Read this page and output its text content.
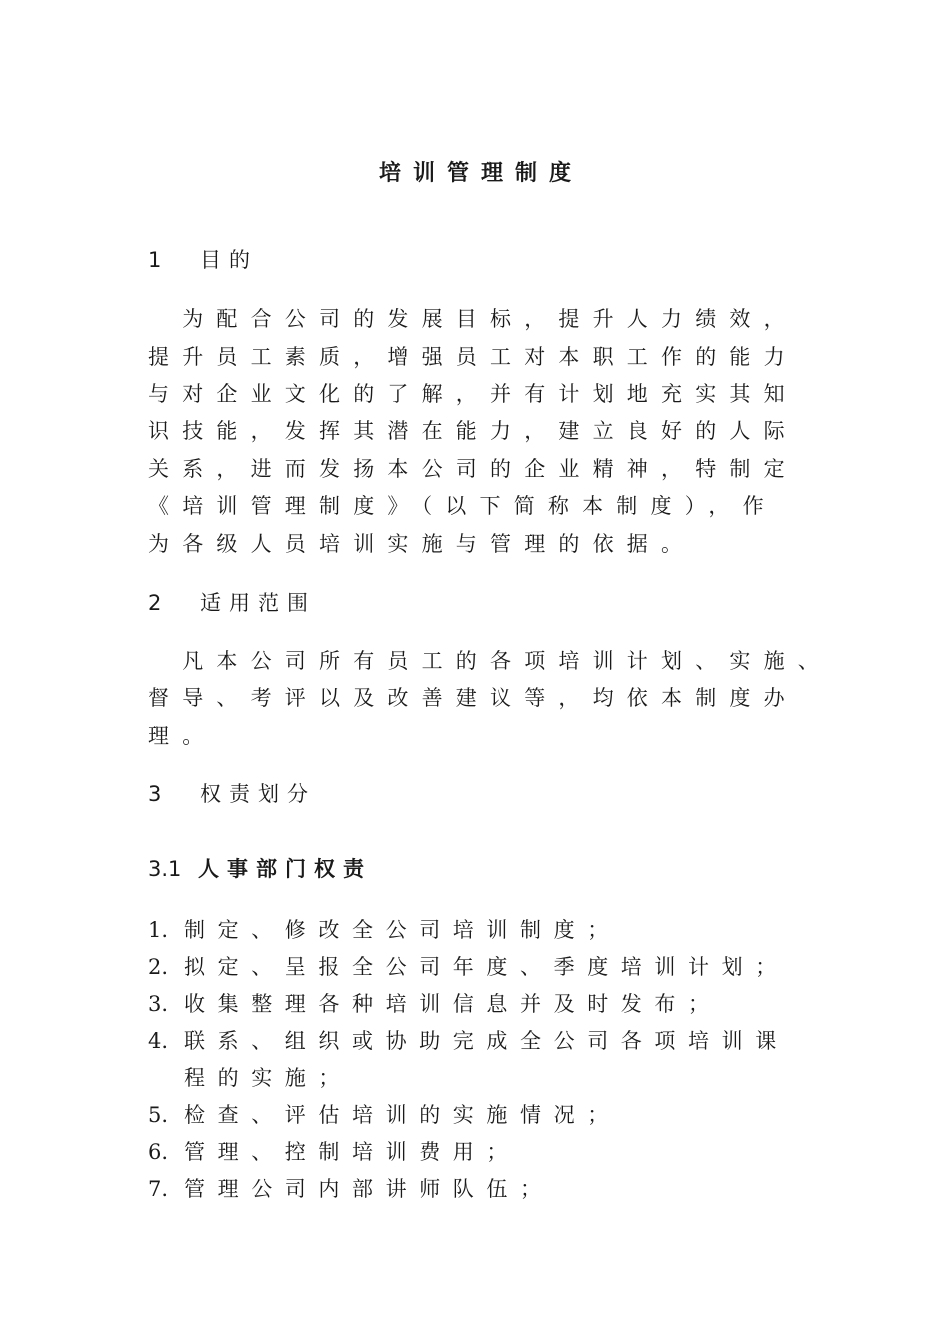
培训管理制度
1 目的
　为配合公司的发展目标，提升人力绩效，
提升员工素质，增强员工对本职工作的能力
与对企业文化的了解，并有计划地充实其知
识技能，发挥其潜在能力，建立良好的人际
关系，进而发扬本公司的企业精神，特制定
《培训管理制度》（以下简称本制度），作
为各级人员培训实施与管理的依据。
2 适用范围
　凡本公司所有员工的各项培训计划、实施、
督导、考评以及改善建议等，均依本制度办
理。
3 权责划分
3.1 人事部门权责
1. 制定、修改全公司培训制度；
2. 拟定、呈报全公司年度、季度培训计划；
3. 收集整理各种培训信息并及时发布；
4. 联系、组织或协助完成全公司各项培训课
程的实施；
5. 检查、评估培训的实施情况；
6. 管理、控制培训费用；
7. 管理公司内部讲师队伍；
